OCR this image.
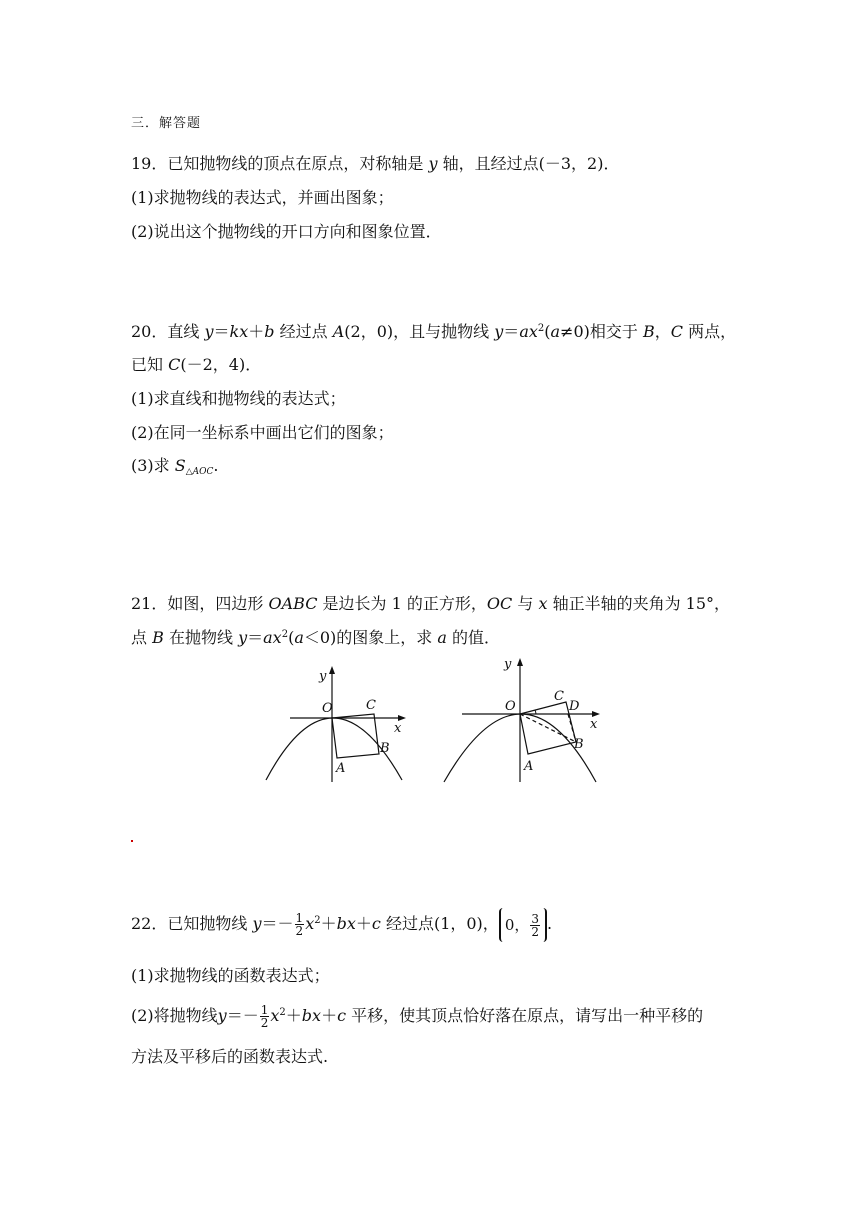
三．解答题
19．已知抛物线的顶点在原点，对称轴是 y 轴，且经过点(－3，2)．
(1)求抛物线的表达式，并画出图象；
(2)说出这个抛物线的开口方向和图象位置．
20．直线 y＝kx＋b 经过点 A(2，0)，且与抛物线 $y=ax^2(a\ne 0)$相交于 B，C 两点，
已知 C(－2，4)．
(1)求直线和抛物线的表达式；
(2)在同一坐标系中画出它们的图象；
(3)求 $S_{\triangle AOC}$.
21．如图，四边形 OABC 是边长为 1 的正方形，OC 与 x 轴正半轴的夹角为 15°，
点 B 在抛物线 $y=ax^2(a<0)$的图象上，求 a 的值．
O	C
B
A
y
x
O
C
D
B
A
y
x
22．已知抛物线 $y=- \frac{1}{2} x^2+bx+c$ 经过点(1，0)， 0， $\frac{3}{2}$ .
(1)求抛物线的函数表达式；
(2)将抛物线$y=- \frac{1}{2} x^2+bx+c$ 平移，使其顶点恰好落在原点，请写出一种平移的
方法及平移后的函数表达式.
